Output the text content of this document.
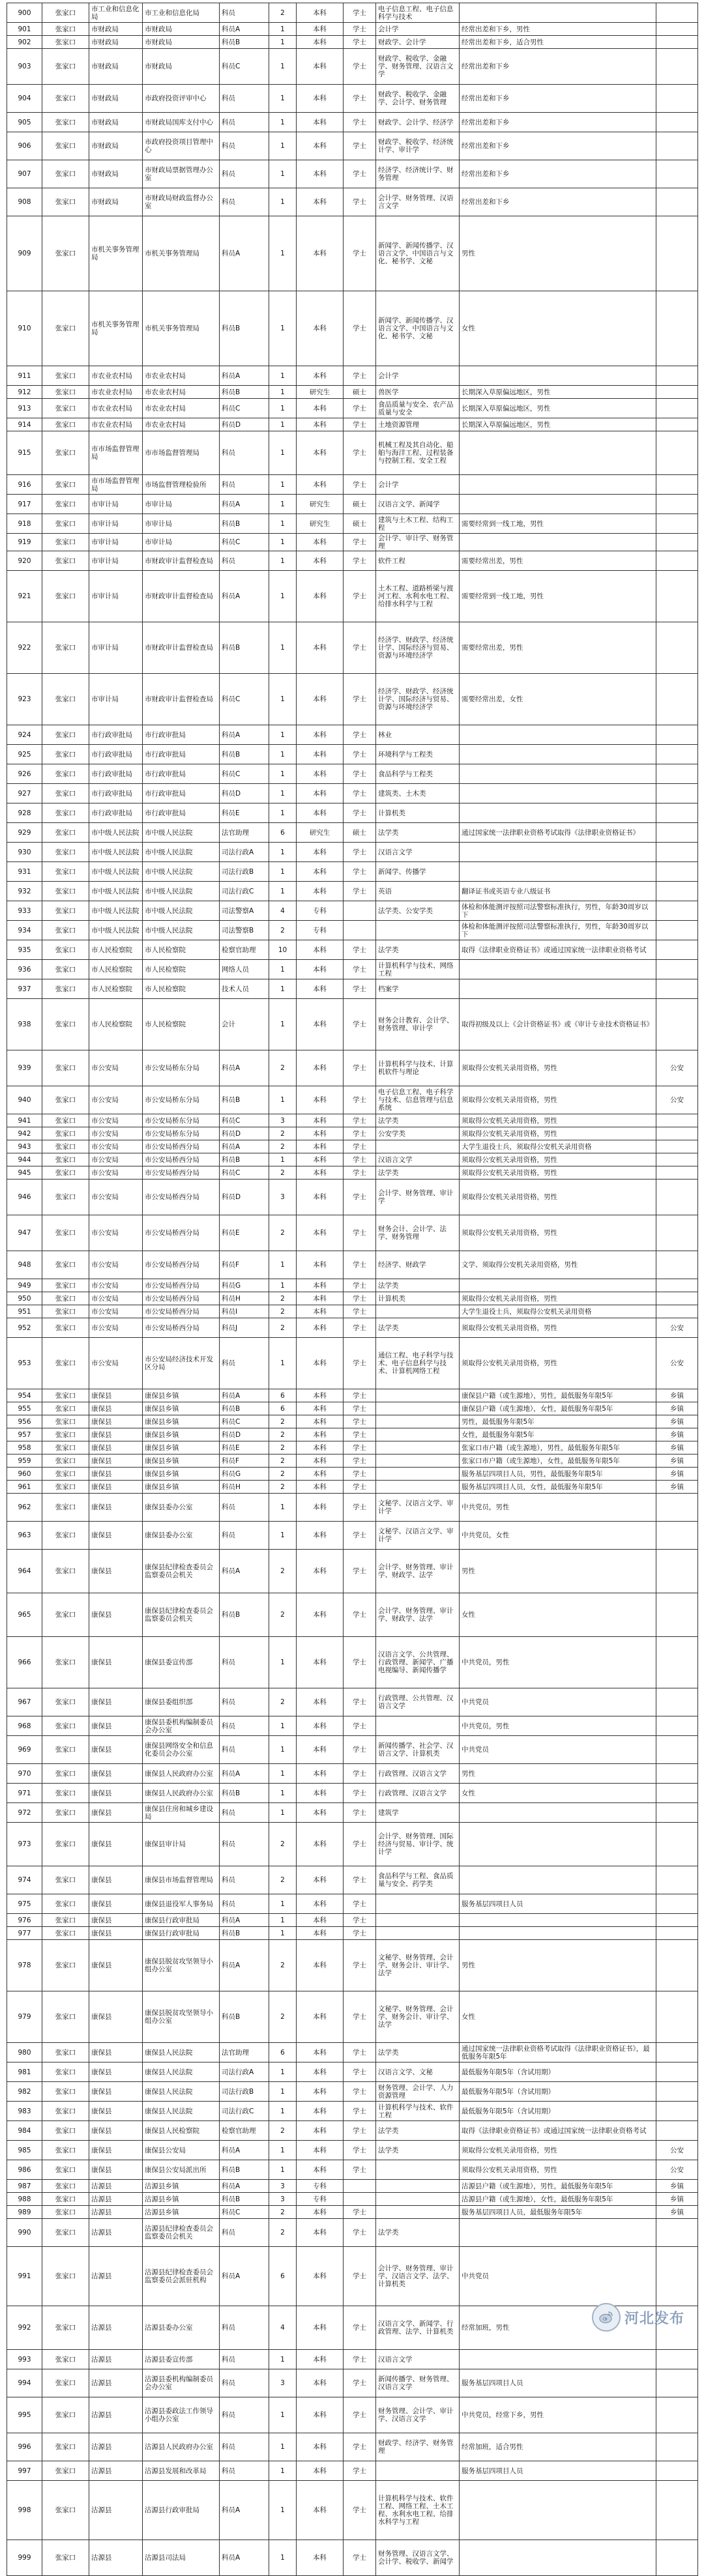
900	张家口	市工业和信息化局	市工业和信息化局	科员	2	本科	学士	电子信息工程、电子信息科学与技术		
901	张家口	市财政局	市财政局	科员A	1	本科	学士	会计学	经常出差和下乡，男性	
902	张家口	市财政局	市财政局	科员B	1	本科	学士	财政学、会计学	经常出差和下乡，适合男性	
903	张家口	市财政局	市财政局	科员C	1	本科	学士	财政学、税收学、金融学、财务管理、汉语言文学	经常出差和下乡	
904	张家口	市财政局	市政府投资评审中心	科员	1	本科	学士	财政学、税收学、金融学、会计学、财务管理	经常出差和下乡	
905	张家口	市财政局	市财政局国库支付中心	科员	1	本科	学士	财政学、会计学、经济学	经常出差和下乡	
906	张家口	市财政局	市政府投资项目管理中心	科员	1	本科	学士	财政学、税收学、经济统计学、审计学	经常出差和下乡	
907	张家口	市财政局	市财政局票据管理办公室	科员	1	本科	学士	经济学、经济统计学、财务管理	经常出差和下乡	
908	张家口	市财政局	市财政局财政监督办公室	科员	1	本科	学士	会计学、财务管理、汉语言文学	经常出差和下乡	
909	张家口	市机关事务管理局	市机关事务管理局	科员A	1	本科	学士	新闻学、新闻传播学、汉语言文学、中国语言与文化、秘书学、文秘	男性	
910	张家口	市机关事务管理局	市机关事务管理局	科员B	1	本科	学士	新闻学、新闻传播学、汉语言文学、中国语言与文化、秘书学、文秘	女性	
911	张家口	市农业农村局	市农业农村局	科员A	1	本科	学士	会计学		
912	张家口	市农业农村局	市农业农村局	科员B	1	研究生	硕士	兽医学	长期深入草原偏远地区，男性	
913	张家口	市农业农村局	市农业农村局	科员C	1	本科	学士	食品质量与安全、农产品质量与安全	长期深入草原偏远地区，男性	
914	张家口	市农业农村局	市农业农村局	科员D	1	本科	学士	土地资源管理	长期深入草原偏远地区，男性	
915	张家口	市市场监督管理局	市市场监督管理局	科员	1	本科	学士	机械工程及其自动化、船舶与海洋工程、过程装备与控制工程、安全工程		
916	张家口	市市场监督管理局	市场监督管理检验所	科员	1	本科	学士	会计学		
917	张家口	市审计局	市审计局	科员A	1	研究生	硕士	汉语言文学、新闻学		
918	张家口	市审计局	市审计局	科员B	1	研究生	硕士	建筑与土木工程、结构工程	需要经常到一线工地，男性	
919	张家口	市审计局	市审计局	科员C	1	本科	学士	会计学、审计学、财务管理		
920	张家口	市审计局	市财政审计监督检查局	科员	1	本科	学士	软件工程	需要经常出差，男性	
921	张家口	市审计局	市财政审计监督检查局	科员A	1	本科	学士	土木工程、道路桥梁与渡河工程、水利水电工程、给排水科学与工程	需要经常到一线工地，男性	
922	张家口	市审计局	市财政审计监督检查局	科员B	1	本科	学士	经济学、财政学、经济统计学、国际经济与贸易、资源与环境经济学	需要经常出差，男性	
923	张家口	市审计局	市财政审计监督检查局	科员C	1	本科	学士	经济学、财政学、经济统计学、国际经济与贸易、资源与环境经济学	需要经常出差，女性	
924	张家口	市行政审批局	市行政审批局	科员A	1	本科	学士	林业		
925	张家口	市行政审批局	市行政审批局	科员B	1	本科	学士	环境科学与工程类		
926	张家口	市行政审批局	市行政审批局	科员C	1	本科	学士	食品科学与工程类		
927	张家口	市行政审批局	市行政审批局	科员D	1	本科	学士	建筑类、土木类		
928	张家口	市行政审批局	市行政审批局	科员E	1	本科	学士	计算机类		
929	张家口	市中级人民法院	市中级人民法院	法官助理	6	研究生	硕士	法学类	通过国家统一法律职业资格考试取得《法律职业资格证书》	
930	张家口	市中级人民法院	市中级人民法院	司法行政A	1	本科	学士	汉语言文学		
931	张家口	市中级人民法院	市中级人民法院	司法行政B	1	本科	学士	新闻学、传播学		
932	张家口	市中级人民法院	市中级人民法院	司法行政C	1	本科	学士	英语	翻译证书或英语专业八级证书	
933	张家口	市中级人民法院	市中级人民法院	司法警察A	4	专科		法学类、公安学类	体检和体能测评按照司法警察标准执行，男性，年龄30周岁以下	
934	张家口	市中级人民法院	市中级人民法院	司法警察B	2	专科			体检和体能测评按照司法警察标准执行，男性，年龄30周岁以下	
935	张家口	市人民检察院	市人民检察院	检察官助理	10	本科	学士	法学类	取得《法律职业资格证书》或通过国家统一法律职业资格考试	
936	张家口	市人民检察院	市人民检察院	网络人员	1	本科	学士	计算机科学与技术、网络工程		
937	张家口	市人民检察院	市人民检察院	技术人员	1	本科	学士	档案学		
938	张家口	市人民检察院	市人民检察院	会计	1	本科	学士	财务会计教育、会计学、财务管理、审计学	取得初级及以上《会计资格证书》或《审计专业技术资格证书》	
939	张家口	市公安局	市公安局桥东分局	科员A	2	本科	学士	计算机科学与技术、计算机软件与理论	须取得公安机关录用资格，男性	公安
940	张家口	市公安局	市公安局桥东分局	科员B	1	本科	学士	电子信息工程、电子科学与技术、信息管理与信息系统	须取得公安机关录用资格，男性	公安
941	张家口	市公安局	市公安局桥东分局	科员C	3	本科	学士	法学类	须取得公安机关录用资格，男性	
942	张家口	市公安局	市公安局桥东分局	科员D	2	本科	学士	公安学类	须取得公安机关录用资格，男性	
943	张家口	市公安局	市公安局桥西分局	科员A	2	本科	学士		大学生退役士兵，须取得公安机关录用资格	
944	张家口	市公安局	市公安局桥西分局	科员B	1	本科	学士	汉语言文学	须取得公安机关录用资格，男性	
945	张家口	市公安局	市公安局桥西分局	科员C	2	本科	学士	法学类	须取得公安机关录用资格，男性	
946	张家口	市公安局	市公安局桥西分局	科员D	3	本科	学士	会计学、财务管理、审计学	须取得公安机关录用资格，男性	
947	张家口	市公安局	市公安局桥西分局	科员E	2	本科	学士	财务会计、会计学、法学、财务管理	须取得公安机关录用资格，男性	
948	张家口	市公安局	市公安局桥西分局	科员F	1	本科	学士	经济学、财政学	文学、须取得公安机关录用资格，男性	
949	张家口	市公安局	市公安局桥西分局	科员G	1	本科	学士	法学类		
950	张家口	市公安局	市公安局桥西分局	科员H	2	本科	学士	计算机类	须取得公安机关录用资格，男性	
951	张家口	市公安局	市公安局桥西分局	科员I	2	本科	学士		大学生退役士兵，须取得公安机关录用资格	
952	张家口	市公安局	市公安局桥西分局	科员J	2	本科	学士	法学类	须取得公安机关录用资格，男性	公安
953	张家口	市公安局	市公安局经济技术开发区分局	科员	1	本科	学士	通信工程、电子科学与技术、电子信息科学与技术、计算机网络工程	须取得公安机关录用资格，男性	公安
954	张家口	康保县	康保县乡镇	科员A	6	本科	学士		康保县户籍（或生源地），男性，最低服务年限5年	乡镇
955	张家口	康保县	康保县乡镇	科员B	6	本科	学士		康保县户籍（或生源地），女性，最低服务年限5年	乡镇
956	张家口	康保县	康保县乡镇	科员C	2	本科	学士		男性，最低服务年限5年	乡镇
957	张家口	康保县	康保县乡镇	科员D	2	本科	学士		女性，最低服务年限5年	乡镇
958	张家口	康保县	康保县乡镇	科员E	2	本科	学士		张家口市户籍（或生源地），男性，最低服务年限5年	乡镇
959	张家口	康保县	康保县乡镇	科员F	2	本科	学士		张家口市户籍（或生源地），女性，最低服务年限5年	乡镇
960	张家口	康保县	康保县乡镇	科员G	2	本科	学士		服务基层四项目人员，男性，最低服务年限5年	乡镇
961	张家口	康保县	康保县乡镇	科员H	2	本科	学士		服务基层四项目人员，女性，最低服务年限5年	乡镇
962	张家口	康保县	康保县委办公室	科员	1	本科	学士	文秘学、汉语言文学、审计学	中共党员，男性	
963	张家口	康保县	康保县委办公室	科员	1	本科	学士	文秘学、汉语言文学、审计学	中共党员，女性	
964	张家口	康保县	康保县纪律检查委员会监察委员会机关	科员A	2	本科	学士	会计学、财务管理、审计学、财政学、法学	男性	
965	张家口	康保县	康保县纪律检查委员会监察委员会机关	科员B	2	本科	学士	会计学、财务管理、审计学、财政学、法学	女性	
966	张家口	康保县	康保县委宣传部	科员	1	本科	学士	汉语言文学、公共管理、行政管理、新闻学、广播电视编导、新闻传播学	中共党员，男性	
967	张家口	康保县	康保县委组织部	科员	2	本科	学士	行政管理、公共管理、汉语言文学	中共党员	
968	张家口	康保县	康保县委机构编制委员会办公室	科员	1	本科	学士		中共党员，男性	
969	张家口	康保县	康保县网络安全和信息化委员会办公室	科员	1	本科	学士	新闻传播学、社会学、汉语言文学、计算机类	中共党员	
970	张家口	康保县	康保县人民政府办公室	科员A	1	本科	学士	行政管理、汉语言文学	男性	
971	张家口	康保县	康保县人民政府办公室	科员B	1	本科	学士	行政管理、汉语言文学	女性	
972	张家口	康保县	康保县住房和城乡建设局	科员	1	本科	学士	建筑学		
973	张家口	康保县	康保县审计局	科员	2	本科	学士	会计学、财务管理、国际经济与贸易、审计学、统计学		
974	张家口	康保县	康保县市场监督管理局	科员	2	本科	学士	食品科学与工程、食品质量与安全、药学类		
975	张家口	康保县	康保县退役军人事务局	科员	1	本科	学士		服务基层四项目人员	
976	张家口	康保县	康保县行政审批局	科员A	1	本科	学士			
977	张家口	康保县	康保县行政审批局	科员B	1	本科	学士			
978	张家口	康保县	康保县脱贫攻坚领导小组办公室	科员A	2	本科	学士	文秘学、财务管理、会计学、财务会计、审计学、法学	男性	
979	张家口	康保县	康保县脱贫攻坚领导小组办公室	科员B	2	本科	学士	文秘学、财务管理、会计学、财务会计、审计学、法学	女性	
980	张家口	康保县	康保县人民法院	法官助理	6	本科	学士	法学类	通过国家统一法律职业资格考试取得《法律职业资格证书》，最低服务年限5年	
981	张家口	康保县	康保县人民法院	司法行政A	1	本科	学士	汉语言文学、文秘	最低服务年限5年（含试用期）	
982	张家口	康保县	康保县人民法院	司法行政B	1	本科	学士	财务管理、会计学、人力资源管理	最低服务年限5年（含试用期）	
983	张家口	康保县	康保县人民法院	司法行政C	1	本科	学士	计算机科学与技术、软件工程	最低服务年限5年（含试用期）	
984	张家口	康保县	康保县人民检察院	检察官助理	2	本科	学士	法学类	取得《法律职业资格证书》或通过国家统一法律职业资格考试	
985	张家口	康保县	康保县公安局	科员A	1	本科	学士	法学类	须取得公安机关录用资格，男性	公安
986	张家口	康保县	康保县公安局派出所	科员B	1	本科	学士		须取得公安机关录用资格，男性	公安
987	张家口	沽源县	沽源县乡镇	科员A	3	专科			沽源县户籍（或生源地），男性，最低服务年限5年	乡镇
988	张家口	沽源县	沽源县乡镇	科员B	3	专科			沽源县户籍（或生源地），女性，最低服务年限5年	乡镇
989	张家口	沽源县	沽源县乡镇	科员C	2	本科	学士		服务基层四项目人员，最低服务年限5年	乡镇
990	张家口	沽源县	沽源县纪律检查委员会监察委员会机关	科员	2	本科	学士	法学类		
991	张家口	沽源县	沽源县纪律检查委员会监察委员会派驻机构	科员A	6	本科	学士	会计学、财务管理、审计学、汉语言文学、法学、计算机类	中共党员	
992	张家口	沽源县	沽源县委办公室	科员	4	本科	学士	汉语言文学、新闻学、行政管理、法学、计算机类	经常加班，男性	
993	张家口	沽源县	沽源县委宣传部	科员	1	本科	学士	汉语言文学		
994	张家口	沽源县	沽源县委机构编制委员会办公室	科员	3	本科	学士	新闻传播学、财务管理、汉语言文学	服务基层四项目人员	
995	张家口	沽源县	沽源县委政法工作领导小组办公室	科员	1	本科	学士	财务管理、会计学、审计学、汉语言文学	中共党员，经常下乡，男性	
996	张家口	沽源县	沽源县人民政府办公室	科员	1	本科	学士	财政学、经济学、财务管理	经常加班，适合男性	
997	张家口	沽源县	沽源县发展和改革局	科员	1	本科	学士		服务基层四项目人员	
998	张家口	沽源县	沽源县行政审批局	科员A	1	本科	学士	计算机科学与技术、软件工程、网络工程、土木工程、水利水电工程、给排水科学与工程		
999	张家口	沽源县	沽源县司法局	科员A	1	本科	学士	财务管理、汉语言文学、会计学、税收学、新闻学		
河北发布
